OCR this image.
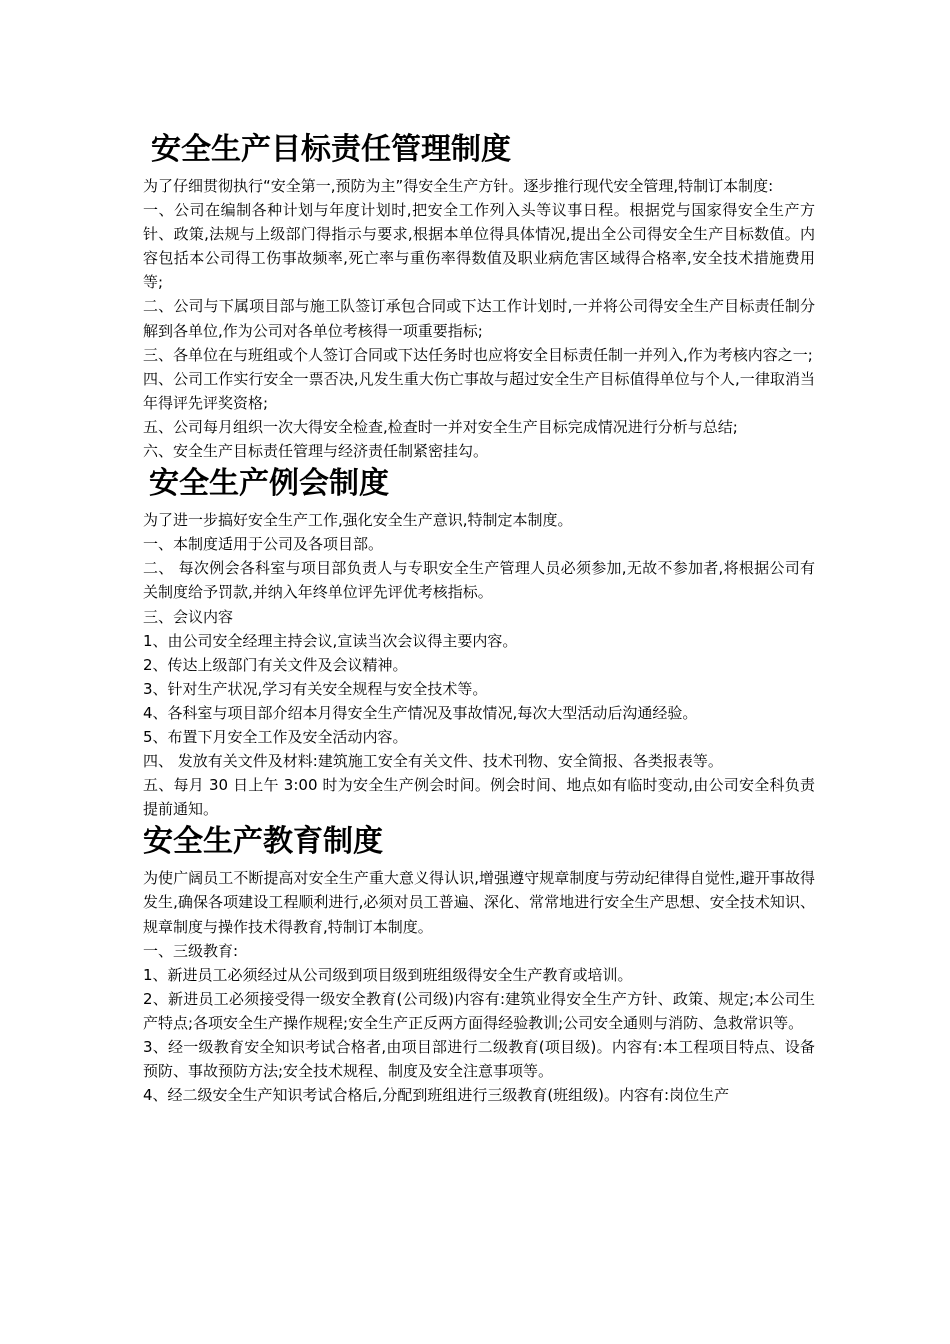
安全生产目标责任管理制度

为了仔细贯彻执行“安全第一,预防为主”得安全生产方针。逐步推行现代安全管理,特制订本制度:

一、公司在编制各种计划与年度计划时,把安全工作列入头等议事日程。根据党与国家得安全生产方针、政策,法规与上级部门得指示与要求,根据本单位得具体情况,提出全公司得安全生产目标数值。内容包括本公司得工伤事故频率,死亡率与重伤率得数值及职业病危害区域得合格率,安全技术措施费用等;

二、公司与下属项目部与施工队签订承包合同或下达工作计划时,一并将公司得安全生产目标责任制分解到各单位,作为公司对各单位考核得一项重要指标;

三、各单位在与班组或个人签订合同或下达任务时也应将安全目标责任制一并列入,作为考核内容之一;

四、公司工作实行安全一票否决,凡发生重大伤亡事故与超过安全生产目标值得单位与个人,一律取消当年得评先评奖资格;

五、公司每月组织一次大得安全检查,检查时一并对安全生产目标完成情况进行分析与总结;

六、安全生产目标责任管理与经济责任制紧密挂勾。

安全生产例会制度

为了进一步搞好安全生产工作,强化安全生产意识,特制定本制度。

一、本制度适用于公司及各项目部。

二、 每次例会各科室与项目部负责人与专职安全生产管理人员必须参加,无故不参加者,将根据公司有关制度给予罚款,并纳入年终单位评先评优考核指标。

三、会议内容

1、由公司安全经理主持会议,宣读当次会议得主要内容。

2、传达上级部门有关文件及会议精神。

3、针对生产状况,学习有关安全规程与安全技术等。

4、各科室与项目部介绍本月得安全生产情况及事故情况,每次大型活动后沟通经验。

5、布置下月安全工作及安全活动内容。

四、 发放有关文件及材料:建筑施工安全有关文件、技术刊物、安全简报、各类报表等。

五、每月 30 日上午 3:00 时为安全生产例会时间。例会时间、地点如有临时变动,由公司安全科负责提前通知。

安全生产教育制度

为使广阔员工不断提高对安全生产重大意义得认识,增强遵守规章制度与劳动纪律得自觉性,避开事故得发生,确保各项建设工程顺利进行,必须对员工普遍、深化、常常地进行安全生产思想、安全技术知识、规章制度与操作技术得教育,特制订本制度。

一、三级教育:

1、新进员工必须经过从公司级到项目级到班组级得安全生产教育或培训。

2、新进员工必须接受得一级安全教育(公司级)内容有:建筑业得安全生产方针、政策、规定;本公司生产特点;各项安全生产操作规程;安全生产正反两方面得经验教训;公司安全通则与消防、急救常识等。

3、经一级教育安全知识考试合格者,由项目部进行二级教育(项目级)。内容有:本工程项目特点、设备预防、事故预防方法;安全技术规程、制度及安全注意事项等。

4、经二级安全生产知识考试合格后,分配到班组进行三级教育(班组级)。内容有:岗位生产
